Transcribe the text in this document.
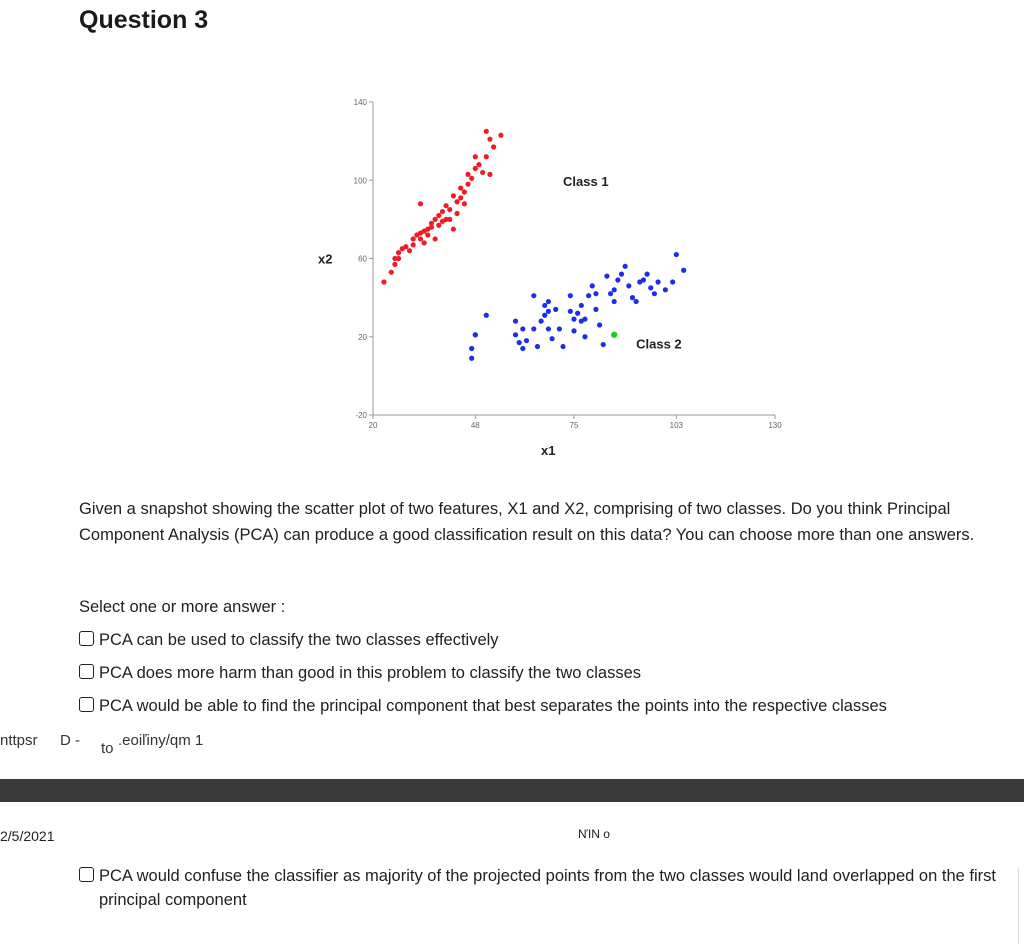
Question 3
-20
20
60
100
140
20	48	75	103	130
x2
x1
Class 1
Class 2
Given a snapshot showing the scatter plot of two features, X1 and X2, comprising of two classes. Do you think Principal Component Analysis (PCA) can produce a good classification result on this data? You can choose more than one answers.
Select one or more answer :
PCA can be used to classify the two classes effectively
PCA does more harm than good in this problem to classify the two classes
PCA would be able to find the principal component that best separates the points into the respective classes
nttpsr D - to .eoiľiny/qm 1
2/5/2021	ΝΊΝ o
PCA would confuse the classifier as majority of the projected points from the two classes would land overlapped on the first principal component
